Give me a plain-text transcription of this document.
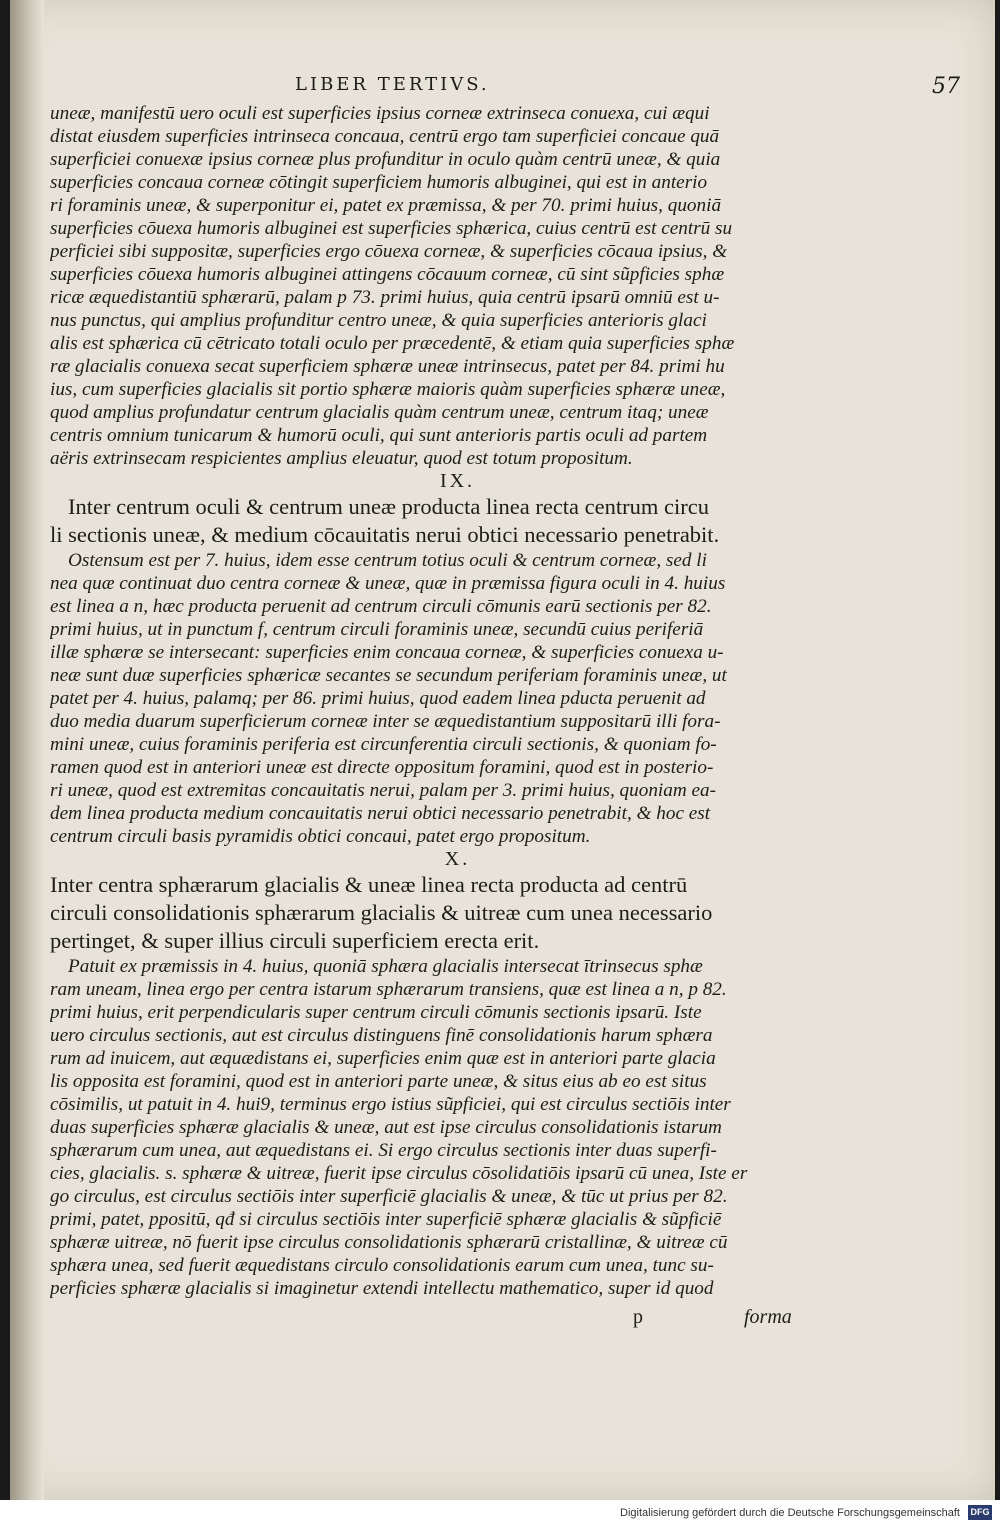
LIBER TERTIVS.	57
uneæ, manifestū uero oculi est superficies ipsius corneæ extrinseca conuexa, cui æqui
distat eiusdem superficies intrinseca concaua, centrū ergo tam superficiei concaue quā
superficiei conuexæ ipsius corneæ plus profunditur in oculo quàm centrū uneæ, & quia
superficies concaua corneæ cōtingit superficiem humoris albuginei, qui est in anterio
ri foraminis uneæ, & superponitur ei, patet ex præmissa, & per 70. primi huius, quoniā
superficies cōuexa humoris albuginei est superficies sphærica, cuius centrū est centrū su
perficiei sibi suppositæ, superficies ergo cōuexa corneæ, & superficies cōcaua ipsius, &
superficies cōuexa humoris albuginei attingens cōcauum corneæ, cū sint sũpficies sphæ
ricæ æquedistantiū sphærarū, palam p 73. primi huius, quia centrū ipsarū omniū est u-
nus punctus, qui amplius profunditur centro uneæ, & quia superficies anterioris glaci
alis est sphærica cū cētricato totali oculo per præcedentē, & etiam quia superficies sphæ
ræ glacialis conuexa secat superficiem sphæræ uneæ intrinsecus, patet per 84. primi hu
ius, cum superficies glacialis sit portio sphæræ maioris quàm superficies sphæræ uneæ,
quod amplius profundatur centrum glacialis quàm centrum uneæ, centrum itaq; uneæ
centris omnium tunicarum & humorū oculi, qui sunt anterioris partis oculi ad partem
aëris extrinsecam respicientes amplius eleuatur, quod est totum propositum.
IX.
Inter centrum oculi & centrum uneæ producta linea recta centrum circu
li sectionis uneæ, & medium cōcauitatis nerui obtici necessario penetrabit.
Ostensum est per 7. huius, idem esse centrum totius oculi & centrum corneæ, sed li
nea quæ continuat duo centra corneæ & uneæ, quæ in præmissa figura oculi in 4. huius
est linea a n, hæc producta peruenit ad centrum circuli cōmunis earū sectionis per 82.
primi huius, ut in punctum f, centrum circuli foraminis uneæ, secundū cuius periferiā
illæ sphæræ se intersecant: superficies enim concaua corneæ, & superficies conuexa u-
neæ sunt duæ superficies sphæricæ secantes se secundum periferiam foraminis uneæ, ut
patet per 4. huius, palamq; per 86. primi huius, quod eadem linea pducta peruenit ad
duo media duarum superficierum corneæ inter se æquedistantium suppositarū illi fora-
mini uneæ, cuius foraminis periferia est circunferentia circuli sectionis, & quoniam fo-
ramen quod est in anteriori uneæ est directe oppositum foramini, quod est in posterio-
ri uneæ, quod est extremitas concauitatis nerui, palam per 3. primi huius, quoniam ea-
dem linea producta medium concauitatis nerui obtici necessario penetrabit, & hoc est
centrum circuli basis pyramidis obtici concaui, patet ergo propositum.
X.
Inter centra sphærarum glacialis & uneæ linea recta producta ad centrū
circuli consolidationis sphærarum glacialis & uitreæ cum unea necessario
pertinget, & super illius circuli superficiem erecta erit.
Patuit ex præmissis in 4. huius, quoniā sphæra glacialis intersecat ītrinsecus sphæ
ram uneam, linea ergo per centra istarum sphærarum transiens, quæ est linea a n, p 82.
primi huius, erit perpendicularis super centrum circuli cōmunis sectionis ipsarū. Iste
uero circulus sectionis, aut est circulus distinguens finē consolidationis harum sphæra
rum ad inuicem, aut æquædistans ei, superficies enim quæ est in anteriori parte glacia
lis opposita est foramini, quod est in anteriori parte uneæ, & situs eius ab eo est situs
cōsimilis, ut patuit in 4. hui9, terminus ergo istius sũpficiei, qui est circulus sectiōis inter
duas superficies sphæræ glacialis & uneæ, aut est ipse circulus consolidationis istarum
sphærarum cum unea, aut æquedistans ei. Si ergo circulus sectionis inter duas superfi-
cies, glacialis. s. sphæræ & uitreæ, fuerit ipse circulus cōsolidatiōis ipsarū cū unea, Iste er
go circulus, est circulus sectiōis inter superficiē glacialis & uneæ, & tūc ut prius per 82.
primi, patet, ppositū, qđ si circulus sectiōis inter superficiē sphæræ glacialis & sũpficiē
sphæræ uitreæ, nō fuerit ipse circulus consolidationis sphærarū cristallinæ, & uitreæ cū
sphæra unea, sed fuerit æquedistans circulo consolidationis earum cum unea, tunc su-
perficies sphæræ glacialis si imaginetur extendi intellectu mathematico, super id quod
p	forma
Digitalisierung gefördert durch die Deutsche Forschungsgemeinschaft DFG
